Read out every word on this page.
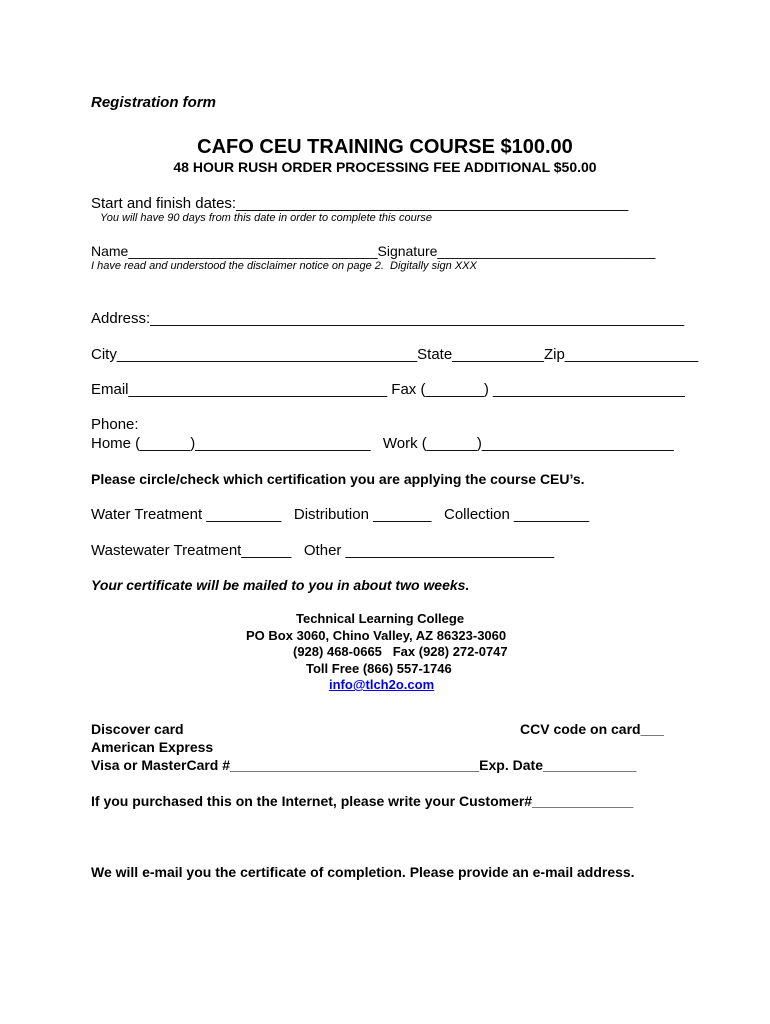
Registration form
CAFO CEU TRAINING COURSE $100.00
48 HOUR RUSH ORDER PROCESSING FEE ADDITIONAL $50.00
Start and finish dates:_______________________________________________
You will have 90 days from this date in order to complete this course
Name________________________________Signature____________________________
I have read and understood the disclaimer notice on page 2.  Digitally sign XXX
Address:________________________________________________________________
City____________________________________State___________Zip________________
Email_______________________________ Fax (_______) _______________________
Phone:
Home (______)_____________________   Work (______)_______________________
Please circle/check which certification you are applying the course CEU’s.
Water Treatment _________   Distribution _______   Collection _________
Wastewater Treatment______   Other _________________________
Your certificate will be mailed to you in about two weeks.
Technical Learning College
PO Box 3060, Chino Valley, AZ 86323-3060
(928) 468-0665   Fax (928) 272-0747
Toll Free (866) 557-1746
info@tlch2o.com
Discover card	CCV code on card___
American Express
Visa or MasterCard #________________________________Exp. Date____________
If you purchased this on the Internet, please write your Customer#_____________
We will e-mail you the certificate of completion. Please provide an e-mail address.
